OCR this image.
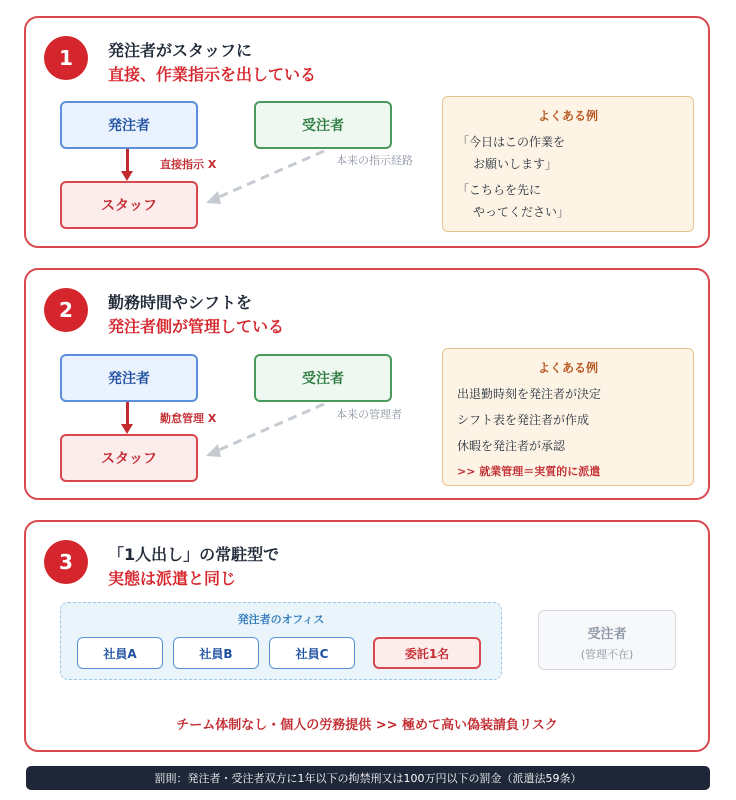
1	発注者がスタッフに
直接、作業指示を出している
発注者	受注者
スタッフ
直接指示 X	本来の指示経路
よくある例
「今日はこの作業を
お願いします」
「こちらを先に
やってください」
2	勤務時間やシフトを
発注者側が管理している
発注者	受注者
スタッフ
勤怠管理 X	本来の管理者
よくある例
出退勤時刻を発注者が決定
シフト表を発注者が作成
休暇を発注者が承認
>> 就業管理＝実質的に派遣
3	「1人出し」の常駐型で
実態は派遣と同じ
発注者のオフィス
社員A	社員B	社員C	委託1名
受注者
(管理不在)
チーム体制なし・個人の労務提供 >> 極めて高い偽装請負リスク
罰則：発注者・受注者双方に1年以下の拘禁刑又は100万円以下の罰金（派遣法59条）
